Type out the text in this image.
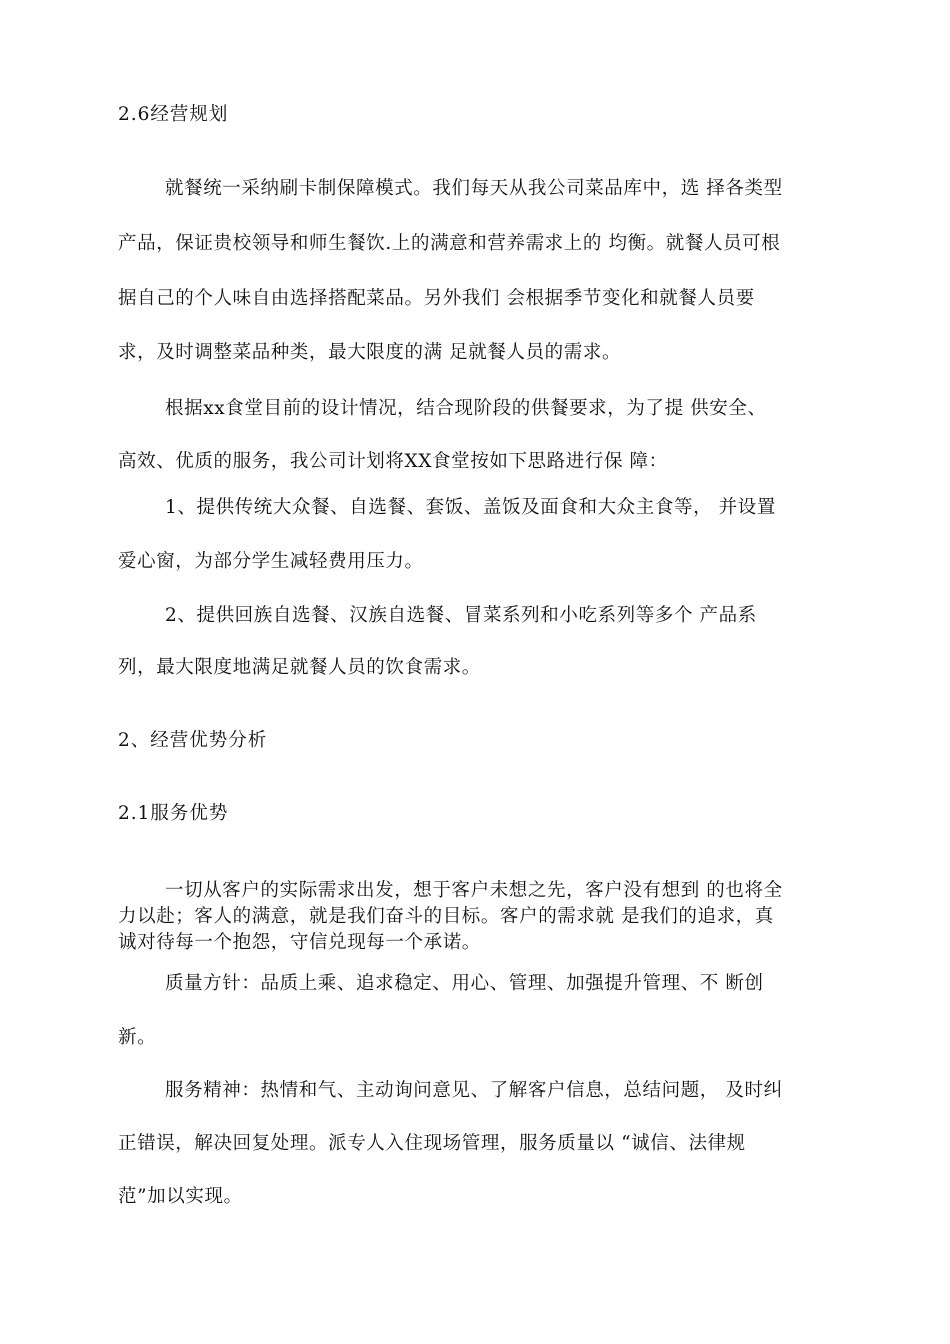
2.6经营规划
就餐统一采纳刷卡制保障模式。我们每天从我公司菜品库中，选 择各类型
产品，保证贵校领导和师生餐饮.上的满意和营养需求上的 均衡。就餐人员可根
据自己的个人味自由选择搭配菜品。另外我们 会根据季节变化和就餐人员要
求，及时调整菜品种类，最大限度的满 足就餐人员的需求。
根据xx食堂目前的设计情况，结合现阶段的供餐要求，为了提 供安全、
高效、优质的服务，我公司计划将XX食堂按如下思路进行保 障：
1、提供传统大众餐、自选餐、套饭、盖饭及面食和大众主食等， 并设置
爱心窗，为部分学生减轻费用压力。
2、提供回族自选餐、汉族自选餐、冒菜系列和小吃系列等多个 产品系
列，最大限度地满足就餐人员的饮食需求。
2、经营优势分析
2.1服务优势
一切从客户的实际需求出发，想于客户未想之先，客户没有想到 的也将全
力以赴；客人的满意，就是我们奋斗的目标。客户的需求就 是我们的追求，真
诚对待每一个抱怨，守信兑现每一个承诺。
质量方针：品质上乘、追求稳定、用心、管理、加强提升管理、不 断创
新。
服务精神：热情和气、主动询问意见、了解客户信息，总结问题， 及时纠
正错误，解决回复处理。派专人入住现场管理，服务质量以 “诚信、法律规
范”加以实现。
